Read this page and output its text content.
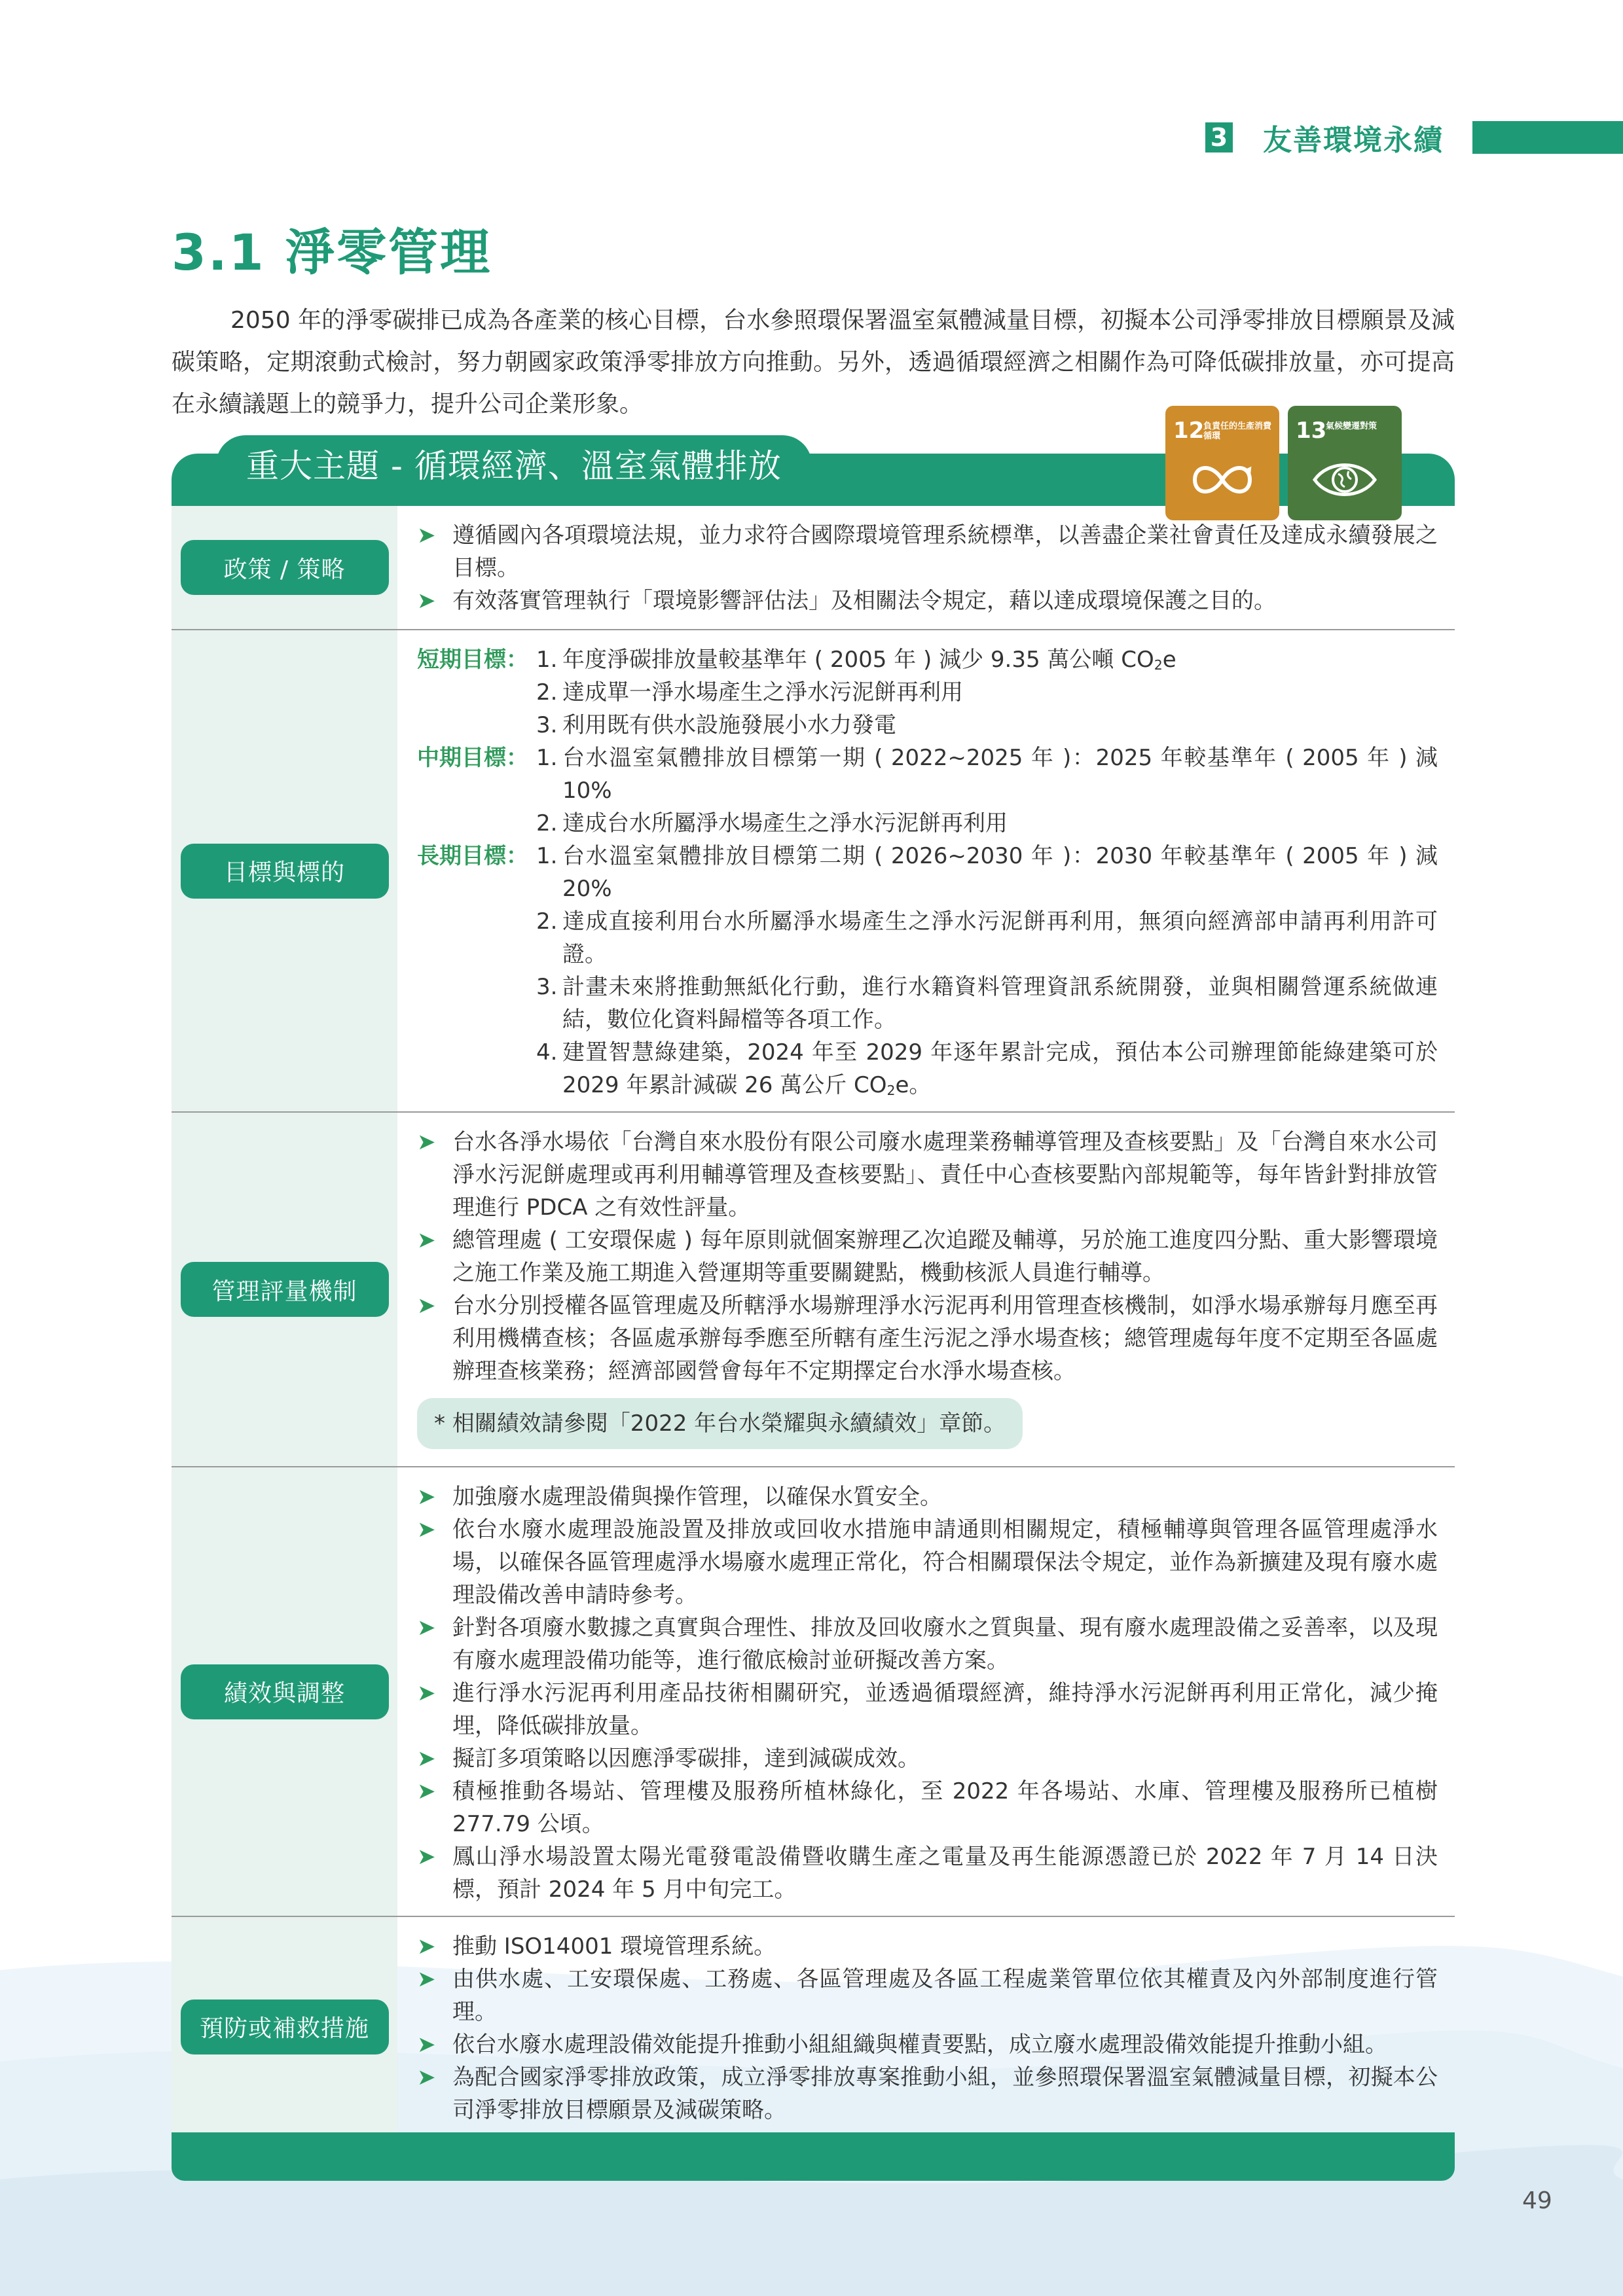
3 友善環境永續
3.1 淨零管理

2050 年的淨零碳排已成為各產業的核心目標，台水參照環保署溫室氣體減量目標，初擬本公司淨零排放目標願景及減碳策略，定期滾動式檢討，努力朝國家政策淨零排放方向推動。另外，透過循環經濟之相關作為可降低碳排放量，亦可提高在永續議題上的競爭力，提升公司企業形象。

重大主題 - 循環經濟、溫室氣體排放
12
負責任的生產消費循環	13
氣候變遷對策
政策 / 策略
➤ 遵循國內各項環境法規，並力求符合國際環境管理系統標準，以善盡企業社會責任及達成永續發展之目標。
➤ 有效落實管理執行「環境影響評估法」及相關法令規定，藉以達成環境保護之目的。
目標與標的
短期目標： 1. 年度淨碳排放量較基準年 ( 2005 年 ) 減少 9.35 萬公噸 $CO_2e$
2. 達成單一淨水場產生之淨水污泥餅再利用
3. 利用既有供水設施發展小水力發電
中期目標： 1. 台水溫室氣體排放目標第一期 ( 2022~2025 年 )：2025 年較基準年 ( 2005 年 ) 減 10%
2. 達成台水所屬淨水場產生之淨水污泥餅再利用
長期目標： 1. 台水溫室氣體排放目標第二期 ( 2026~2030 年 )：2030 年較基準年 ( 2005 年 ) 減 20%
2. 達成直接利用台水所屬淨水場產生之淨水污泥餅再利用，無須向經濟部申請再利用許可證。
3. 計畫未來將推動無紙化行動，進行水籍資料管理資訊系統開發，並與相關營運系統做連結，數位化資料歸檔等各項工作。
4. 建置智慧綠建築，2024 年至 2029 年逐年累計完成，預估本公司辦理節能綠建築可於 2029 年累計減碳 26 萬公斤 $CO_2e$。
管理評量機制
➤ 台水各淨水場依「台灣自來水股份有限公司廢水處理業務輔導管理及查核要點」及「台灣自來水公司淨水污泥餅處理或再利用輔導管理及查核要點」、責任中心查核要點內部規範等，每年皆針對排放管理進行 PDCA 之有效性評量。
➤ 總管理處 ( 工安環保處 ) 每年原則就個案辦理乙次追蹤及輔導，另於施工進度四分點、重大影響環境之施工作業及施工期進入營運期等重要關鍵點，機動核派人員進行輔導。
➤ 台水分別授權各區管理處及所轄淨水場辦理淨水污泥再利用管理查核機制，如淨水場承辦每月應至再利用機構查核；各區處承辦每季應至所轄有產生污泥之淨水場查核；總管理處每年度不定期至各區處辦理查核業務；經濟部國營會每年不定期擇定台水淨水場查核。
* 相關績效請參閱「2022 年台水榮耀與永續績效」章節。
績效與調整
➤ 加強廢水處理設備與操作管理，以確保水質安全。
➤ 依台水廢水處理設施設置及排放或回收水措施申請通則相關規定，積極輔導與管理各區管理處淨水場，以確保各區管理處淨水場廢水處理正常化，符合相關環保法令規定，並作為新擴建及現有廢水處理設備改善申請時參考。
➤ 針對各項廢水數據之真實與合理性、排放及回收廢水之質與量、現有廢水處理設備之妥善率，以及現有廢水處理設備功能等，進行徹底檢討並研擬改善方案。
➤ 進行淨水污泥再利用產品技術相關研究，並透過循環經濟，維持淨水污泥餅再利用正常化，減少掩埋，降低碳排放量。
➤ 擬訂多項策略以因應淨零碳排，達到減碳成效。
➤ 積極推動各場站、管理樓及服務所植林綠化，至 2022 年各場站、水庫、管理樓及服務所已植樹 277.79 公頃。
➤ 鳳山淨水場設置太陽光電發電設備暨收購生產之電量及再生能源憑證已於 2022 年 7 月 14 日決標，預計 2024 年 5 月中旬完工。
預防或補救措施
➤ 推動 ISO14001 環境管理系統。
➤ 由供水處、工安環保處、工務處、各區管理處及各區工程處業管單位依其權責及內外部制度進行管理。
➤ 依台水廢水處理設備效能提升推動小組組織與權責要點，成立廢水處理設備效能提升推動小組。
➤ 為配合國家淨零排放政策，成立淨零排放專案推動小組，並參照環保署溫室氣體減量目標，初擬本公司淨零排放目標願景及減碳策略。
49
